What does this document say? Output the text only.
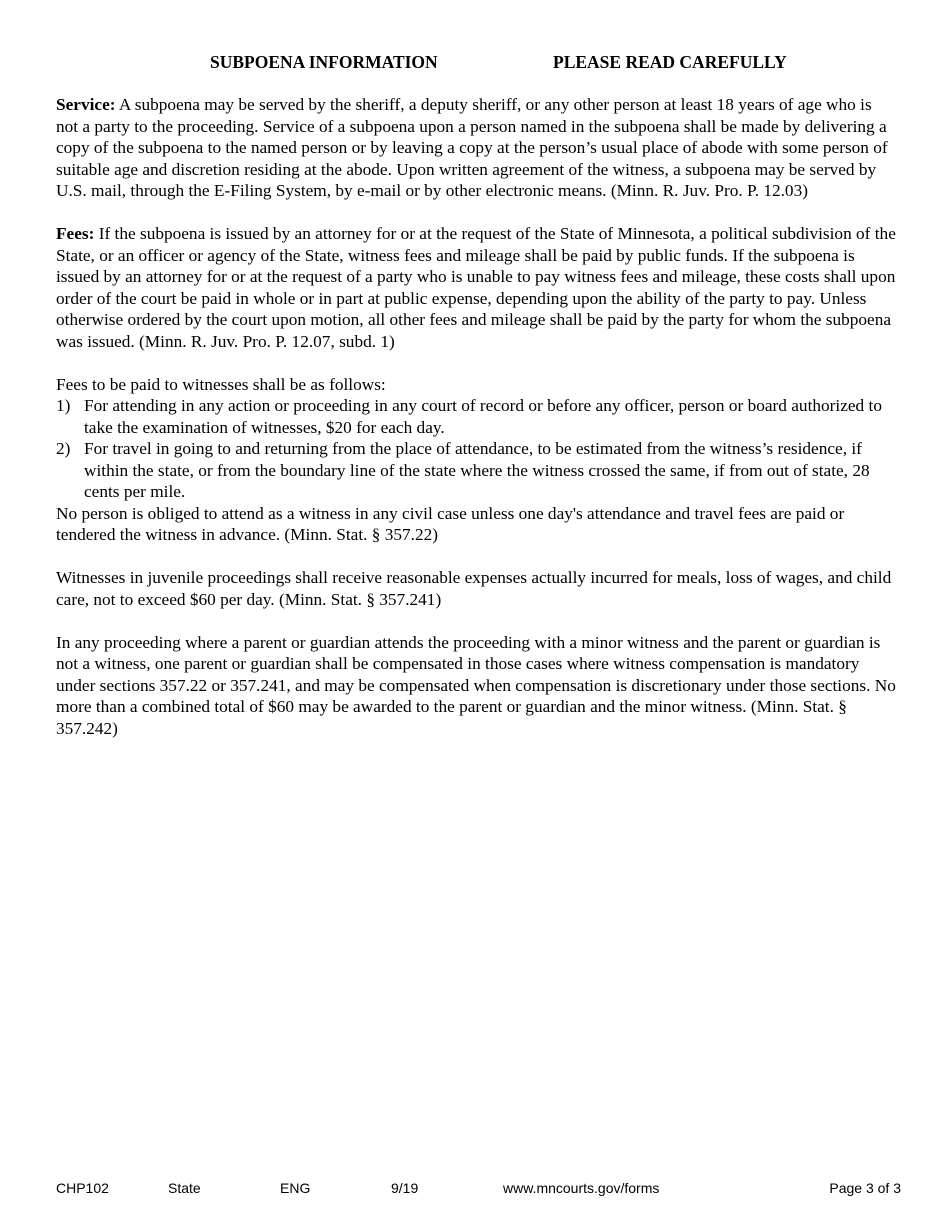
SUBPOENA INFORMATION	PLEASE READ CAREFULLY

Service: A subpoena may be served by the sheriff, a deputy sheriff, or any other person at least 18 years of age who is not a party to the proceeding. Service of a subpoena upon a person named in the subpoena shall be made by delivering a copy of the subpoena to the named person or by leaving a copy at the person’s usual place of abode with some person of suitable age and discretion residing at the abode. Upon written agreement of the witness, a subpoena may be served by U.S. mail, through the E-Filing System, by e-mail or by other electronic means. (Minn. R. Juv. Pro. P. 12.03)

Fees: If the subpoena is issued by an attorney for or at the request of the State of Minnesota, a political subdivision of the State, or an officer or agency of the State, witness fees and mileage shall be paid by public funds. If the subpoena is issued by an attorney for or at the request of a party who is unable to pay witness fees and mileage, these costs shall upon order of the court be paid in whole or in part at public expense, depending upon the ability of the party to pay. Unless otherwise ordered by the court upon motion, all other fees and mileage shall be paid by the party for whom the subpoena was issued. (Minn. R. Juv. Pro. P. 12.07, subd. 1)

Fees to be paid to witnesses shall be as follows:
1) For attending in any action or proceeding in any court of record or before any officer, person or board authorized to take the examination of witnesses, $20 for each day.
2) For travel in going to and returning from the place of attendance, to be estimated from the witness’s residence, if within the state, or from the boundary line of the state where the witness crossed the same, if from out of state, 28 cents per mile.
No person is obliged to attend as a witness in any civil case unless one day's attendance and travel fees are paid or tendered the witness in advance. (Minn. Stat. § 357.22)

Witnesses in juvenile proceedings shall receive reasonable expenses actually incurred for meals, loss of wages, and child care, not to exceed $60 per day. (Minn. Stat. § 357.241)

In any proceeding where a parent or guardian attends the proceeding with a minor witness and the parent or guardian is not a witness, one parent or guardian shall be compensated in those cases where witness compensation is mandatory under sections 357.22 or 357.241, and may be compensated when compensation is discretionary under those sections. No more than a combined total of $60 may be awarded to the parent or guardian and the minor witness. (Minn. Stat. § 357.242)

CHP102	State	ENG	9/19	www.mncourts.gov/forms	Page 3 of 3
